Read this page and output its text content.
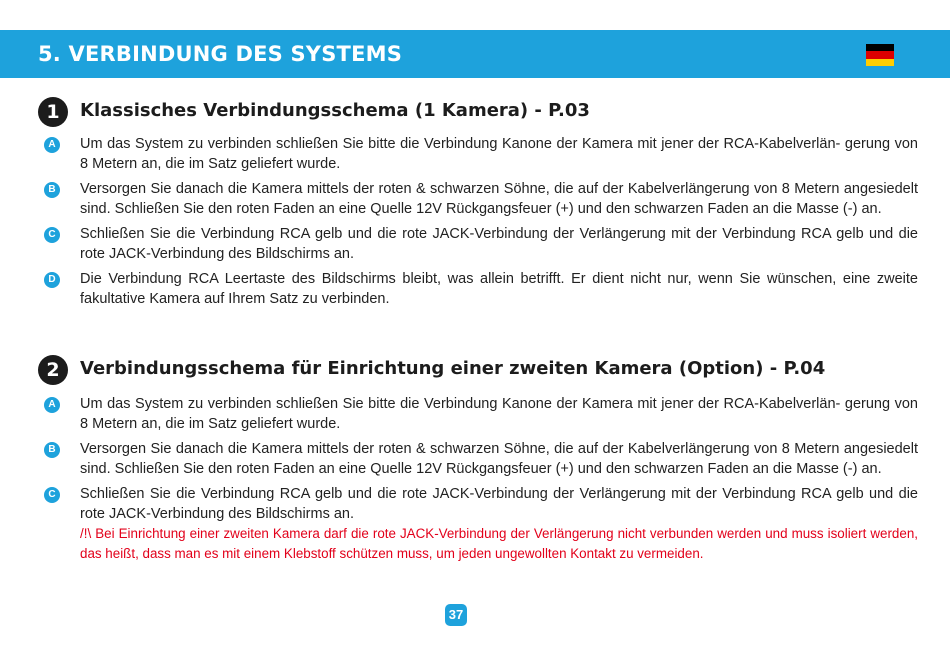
5. VERBINDUNG DES SYSTEMS
1	Klassisches Verbindungsschema (1 Kamera) - P.03
A	Um das System zu verbinden schließen Sie bitte die Verbindung Kanone der Kamera mit jener der RCA-Kabelverlän- gerung von 8 Metern an, die im Satz geliefert wurde.
B	Versorgen Sie danach die Kamera mittels der roten & schwarzen Söhne, die auf der Kabelverlängerung von 8 Metern angesiedelt sind. Schließen Sie den roten Faden an eine Quelle 12V Rückgangsfeuer (+) und den schwarzen Faden an die Masse (-) an.
C	Schließen Sie die Verbindung RCA gelb und die rote JACK-Verbindung der Verlängerung mit der Verbindung RCA gelb und die rote JACK-Verbindung des Bildschirms an.
D	Die Verbindung RCA Leertaste des Bildschirms bleibt, was allein betrifft. Er dient nicht nur, wenn Sie wünschen, eine zweite fakultative Kamera auf Ihrem Satz zu verbinden.
2	Verbindungsschema für Einrichtung einer zweiten Kamera (Option) - P.04
A	Um das System zu verbinden schließen Sie bitte die Verbindung Kanone der Kamera mit jener der RCA-Kabelverlän- gerung von 8 Metern an, die im Satz geliefert wurde.
B	Versorgen Sie danach die Kamera mittels der roten & schwarzen Söhne, die auf der Kabelverlängerung von 8 Metern angesiedelt sind. Schließen Sie den roten Faden an eine Quelle 12V Rückgangsfeuer (+) und den schwarzen Faden an die Masse (-) an.
C	Schließen Sie die Verbindung RCA gelb und die rote JACK-Verbindung der Verlängerung mit der Verbindung RCA gelb und die rote JACK-Verbindung des Bildschirms an.
/!\ Bei Einrichtung einer zweiten Kamera darf die rote JACK-Verbindung der Verlängerung nicht verbunden werden und muss isoliert werden, das heißt, dass man es mit einem Klebstoff schützen muss, um jeden ungewollten Kontakt zu vermeiden.
37
